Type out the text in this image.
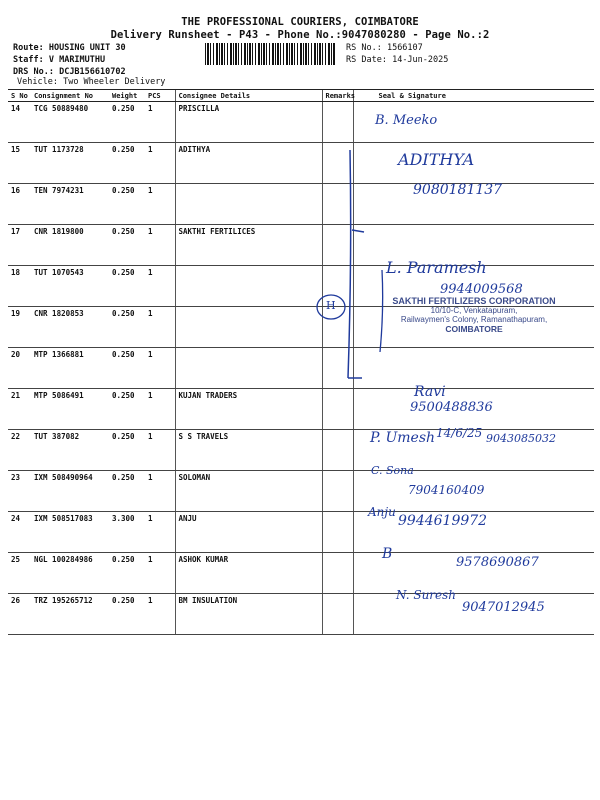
THE PROFESSIONAL COURIERS, COIMBATORE
Delivery Runsheet - P43 - Phone No.:9047080280 - Page No.:2
Route: HOUSING UNIT 30
Staff: V MARIMUTHU
DRS No.: DCJB156610702
Vehicle: Two Wheeler Delivery
RS No.: 1566107
RS Date: 14-Jun-2025
S No	Consignment No	Weight	PCS	Consignee Details	Remarks	Seal & Signature
14	TCG 50889480	0.250	1	PRISCILLA		
15	TUT 1173728	0.250	1	ADITHYA		
16	TEN 7974231	0.250	1			
17	CNR 1819800	0.250	1	SAKTHI FERTILICES		
18	TUT 1070543	0.250	1			
19	CNR 1820853	0.250	1			
20	MTP 1366881	0.250	1			
21	MTP 5086491	0.250	1	KUJAN TRADERS		
22	TUT 387082	0.250	1	S S TRAVELS		
23	IXM 508490964	0.250	1	SOLOMAN		
24	IXM 508517083	3.300	1	ANJU		
25	NGL 100284986	0.250	1	ASHOK KUMAR		
26	TRZ 195265712	0.250	1	BM INSULATION		
SAKTHI FERTILIZERS CORPORATION
10/10-C, Venkatapuram,
Railwaymen's Colony, Ramanathapuram,
COIMBATORE
B. Meeko
ADITHYA
9080181137
L. Paramesh
9944009568
H
Ravi
9500488836
P. Umesh 14/6/25 9043085032
C. Sona
7904160409
Anju
9944619972
B
9578690867
N. Suresh
9047012945
